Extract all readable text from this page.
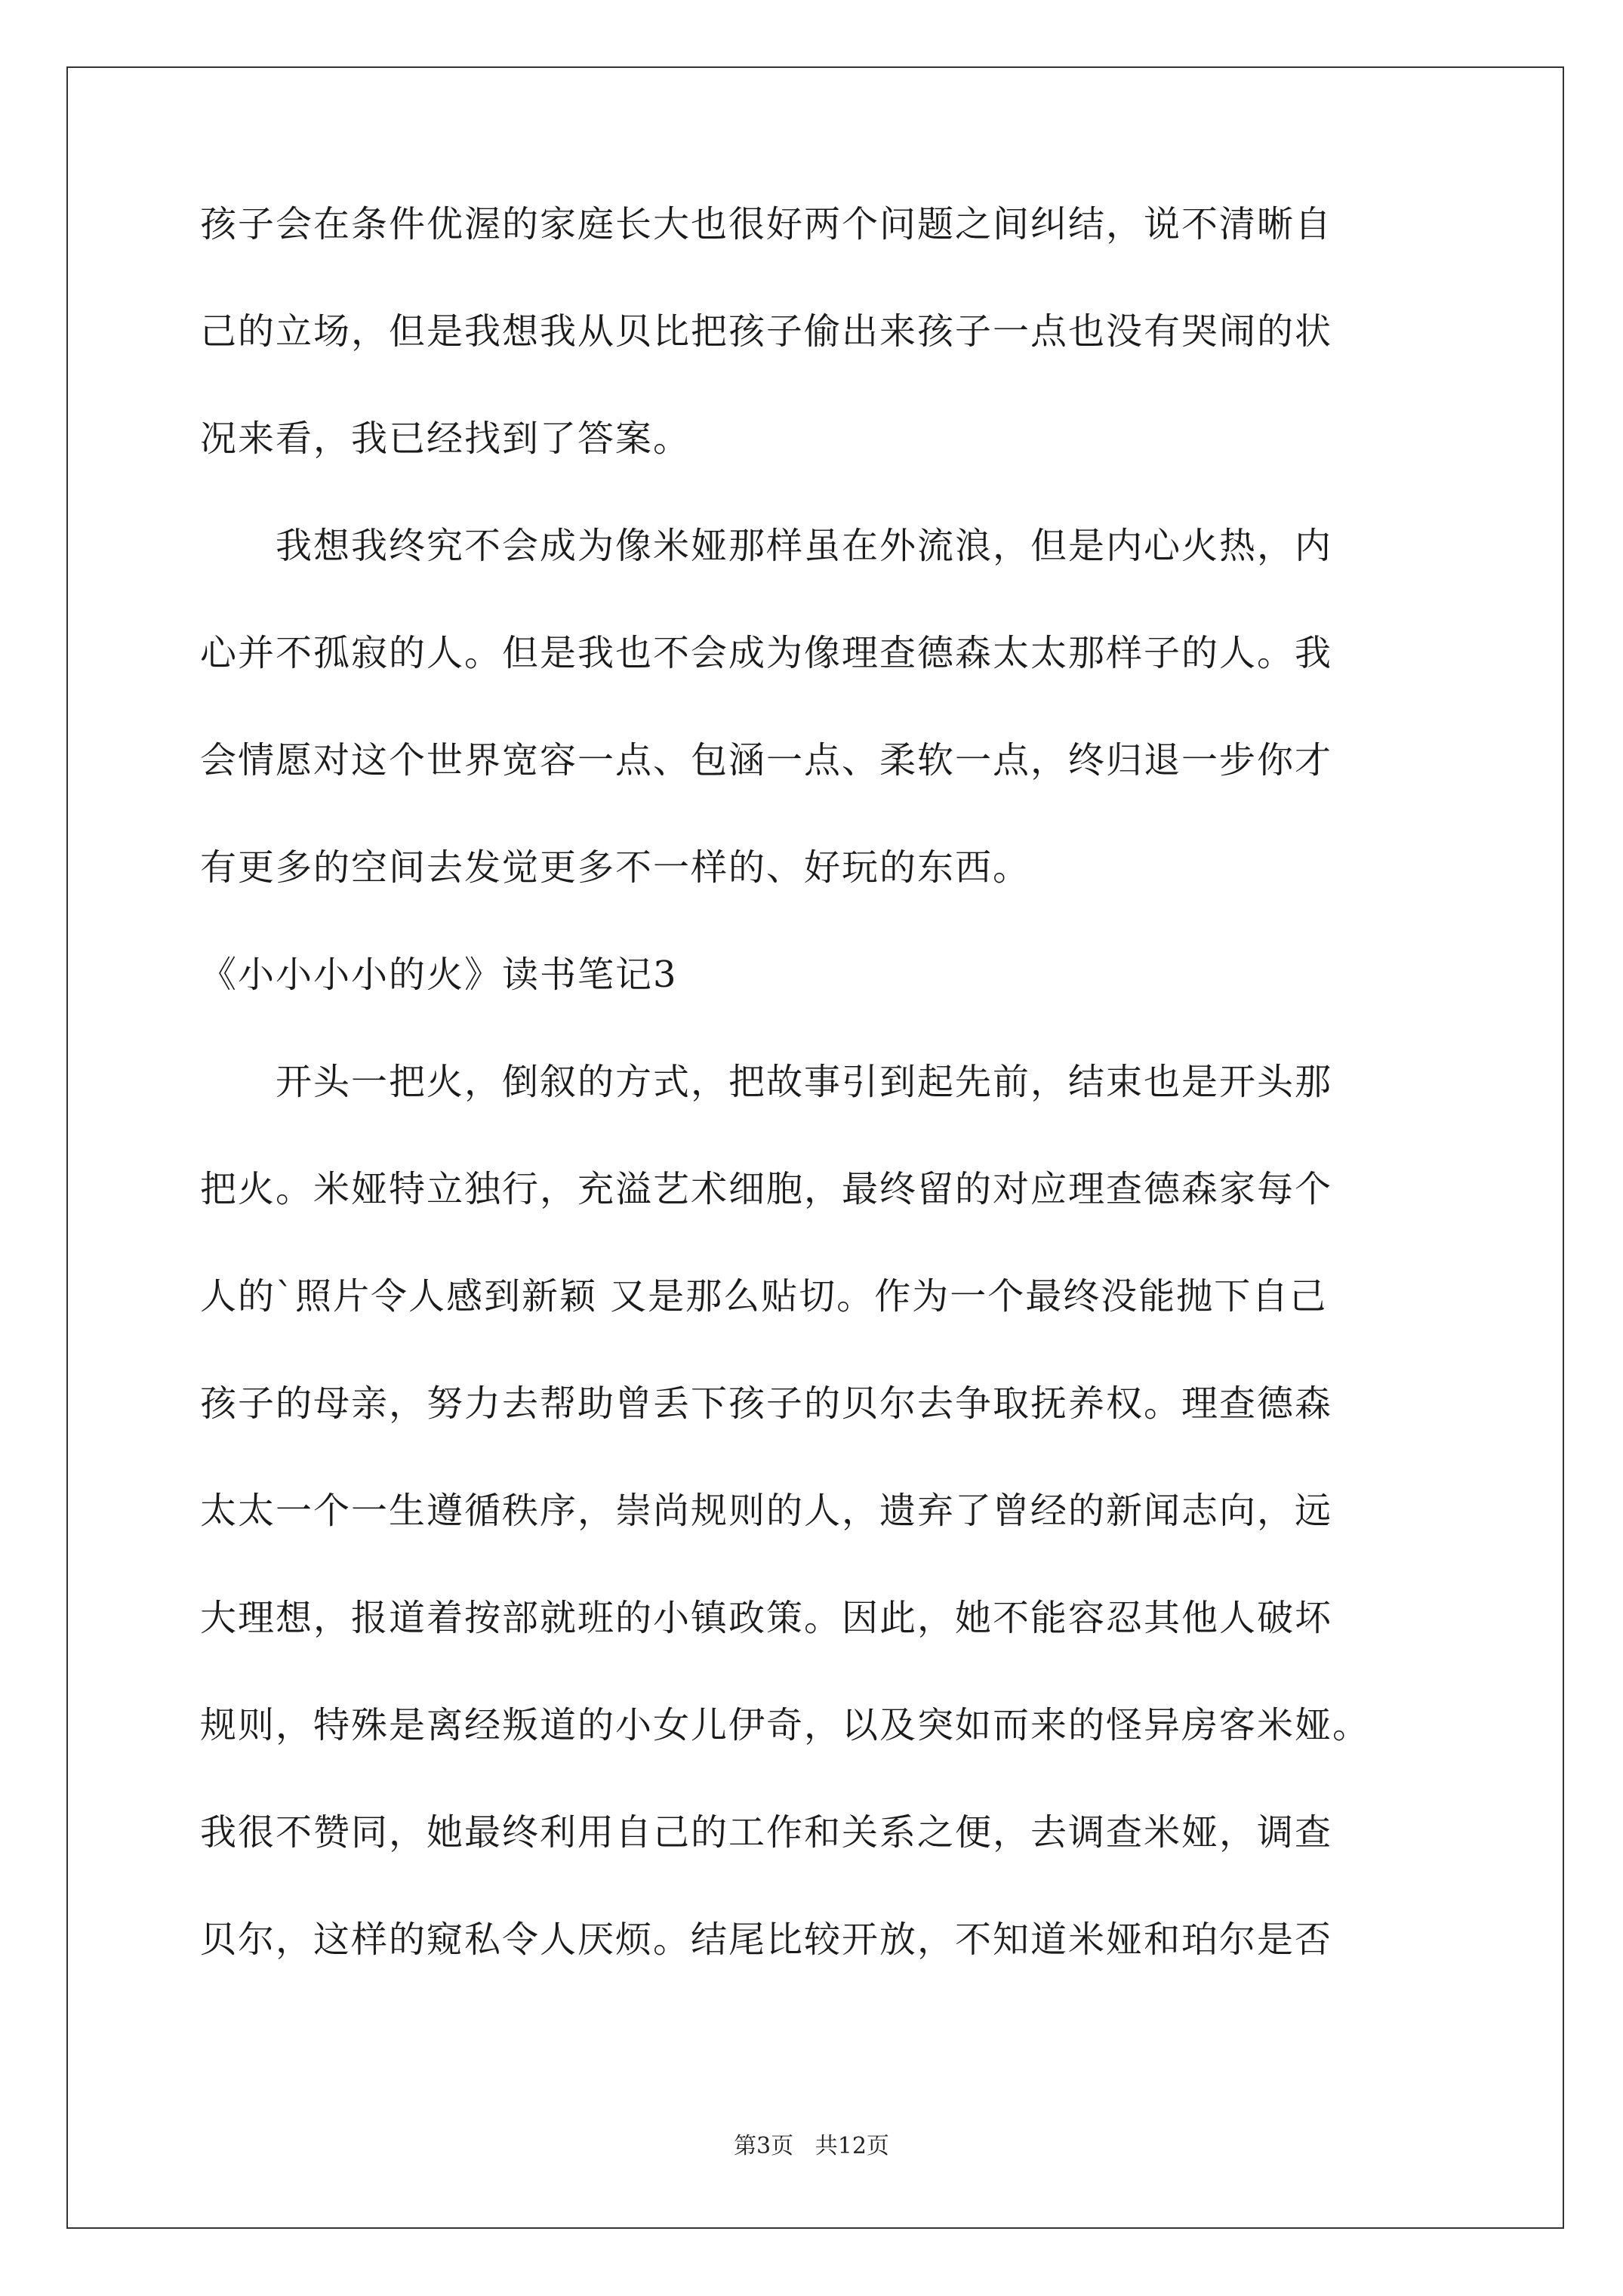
孩子会在条件优渥的家庭长大也很好两个问题之间纠结，说不清晰自
己的立场，但是我想我从贝比把孩子偷出来孩子一点也没有哭闹的状
况来看，我已经找到了答案。
　　我想我终究不会成为像米娅那样虽在外流浪，但是内心火热，内
心并不孤寂的人。但是我也不会成为像理查德森太太那样子的人。我
会情愿对这个世界宽容一点、包涵一点、柔软一点，终归退一步你才
有更多的空间去发觉更多不一样的、好玩的东西。
《小小小小的火》读书笔记3
　　开头一把火，倒叙的方式，把故事引到起先前，结束也是开头那
把火。米娅特立独行，充溢艺术细胞，最终留的对应理查德森家每个
人的`照片令人感到新颖 又是那么贴切。作为一个最终没能抛下自己
孩子的母亲，努力去帮助曾丢下孩子的贝尔去争取抚养权。理查德森
太太一个一生遵循秩序，崇尚规则的人，遗弃了曾经的新闻志向，远
大理想，报道着按部就班的小镇政策。因此，她不能容忍其他人破坏
规则，特殊是离经叛道的小女儿伊奇，以及突如而来的怪异房客米娅。
我很不赞同，她最终利用自己的工作和关系之便，去调查米娅，调查
贝尔，这样的窥私令人厌烦。结尾比较开放，不知道米娅和珀尔是否
第3页   共12页
